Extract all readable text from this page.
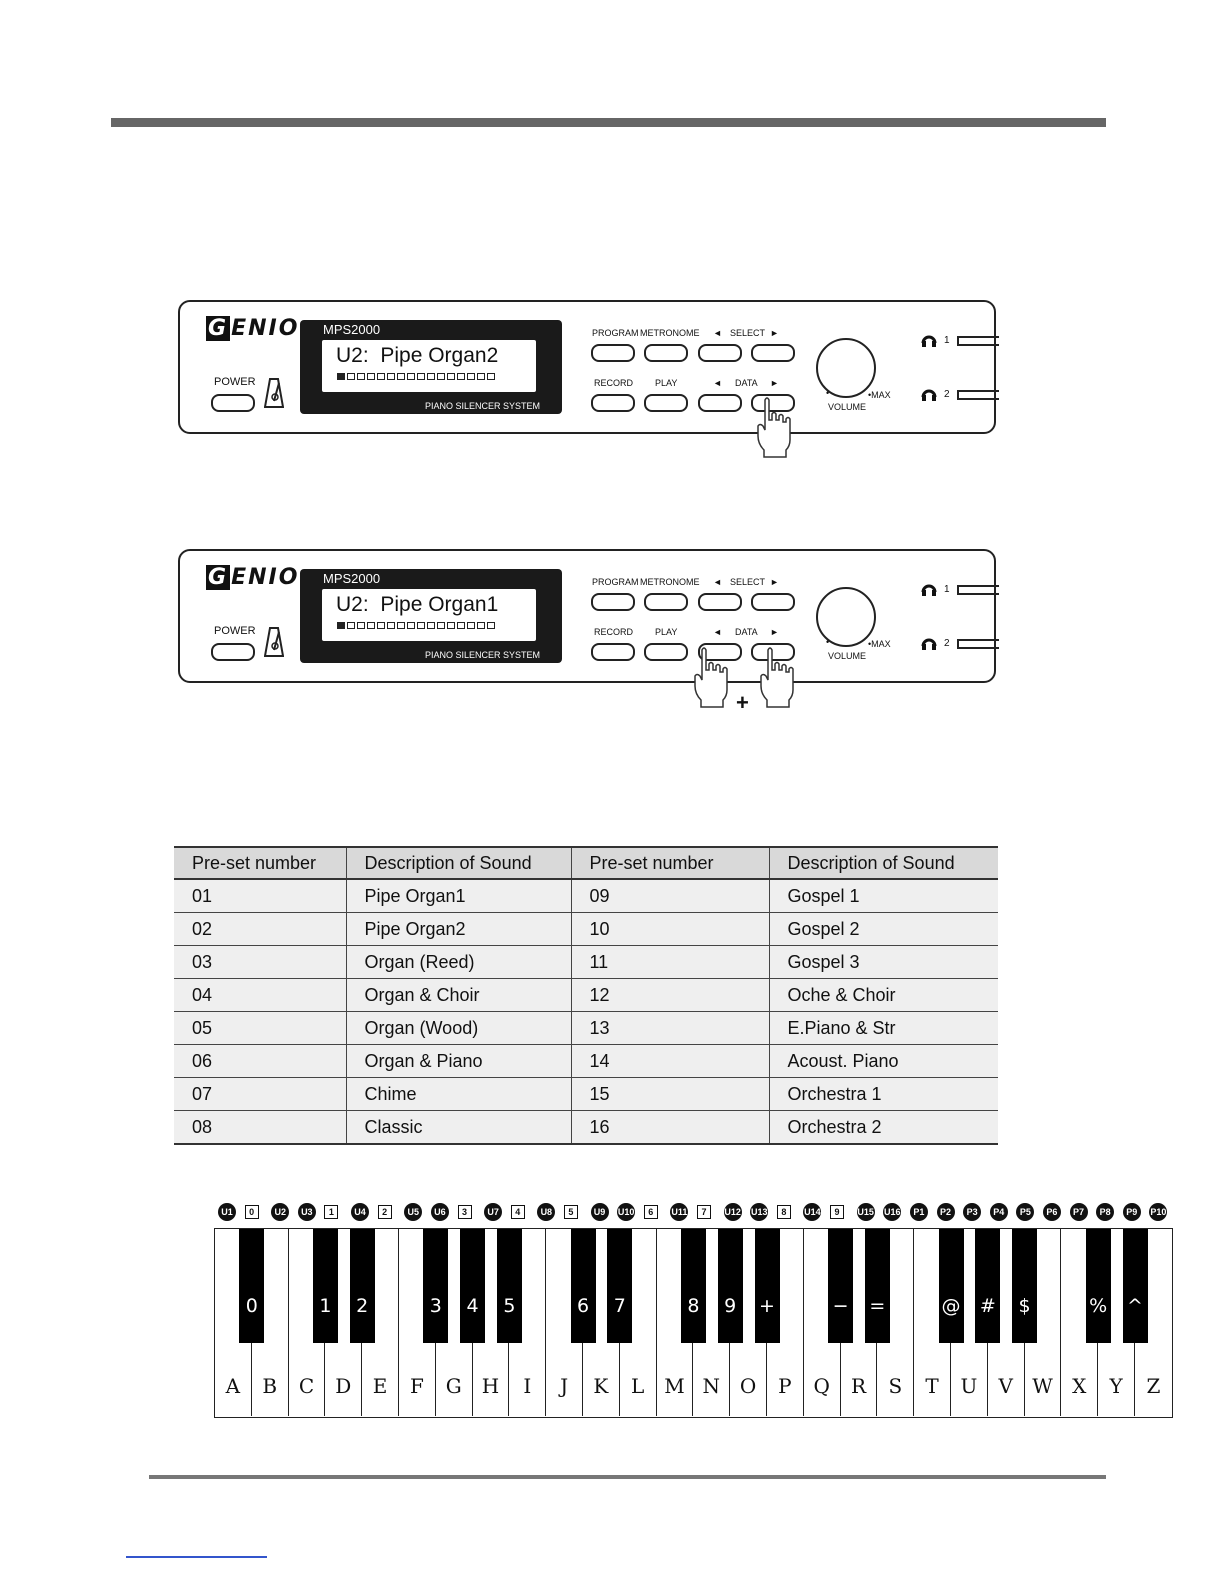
G ENIO
POWER
MPS2000
U2:  Pipe Organ2
PIANO SILENCER SYSTEM
PROGRAM METRONOME ◄ SELECT ►
RECORD PLAY	◄ DATA ►
•	•MAX
VOLUME
1
2
G ENIO
POWER
MPS2000
U2:  Pipe Organ1
PIANO SILENCER SYSTEM
PROGRAM METRONOME ◄ SELECT ►
RECORD PLAY	◄ DATA ►
•	•MAX
VOLUME
1
2
+
Pre-set number	Description of Sound	Pre-set number	Description of Sound
01	Pipe Organ1	09	Gospel 1
02	Pipe Organ2	10	Gospel 2
03	Organ (Reed)	11	Gospel 3
04	Organ & Choir	12	Oche & Choir
05	Organ (Wood)	13	E.Piano & Str
06	Organ & Piano	14	Acoust. Piano
07	Chime	15	Orchestra 1
08	Classic	16	Orchestra 2
U1	0	U2	U3	1	U4	2	U5	U6	3	U7	4	U8	5	U9	U10	6	U11	7	U12 U13	8	U14	9	U15 U16	P1	P2	P3	P4	P5	P6	P7	P8	P9	P10
A	B	C	D	E	F	G	H	I	J	K	L M N O	P	Q	R	S	T	U	V W X	Y	Z
0	1	2	3	4	5	6	7	8	9	+	− =	@ #	$	% ^
